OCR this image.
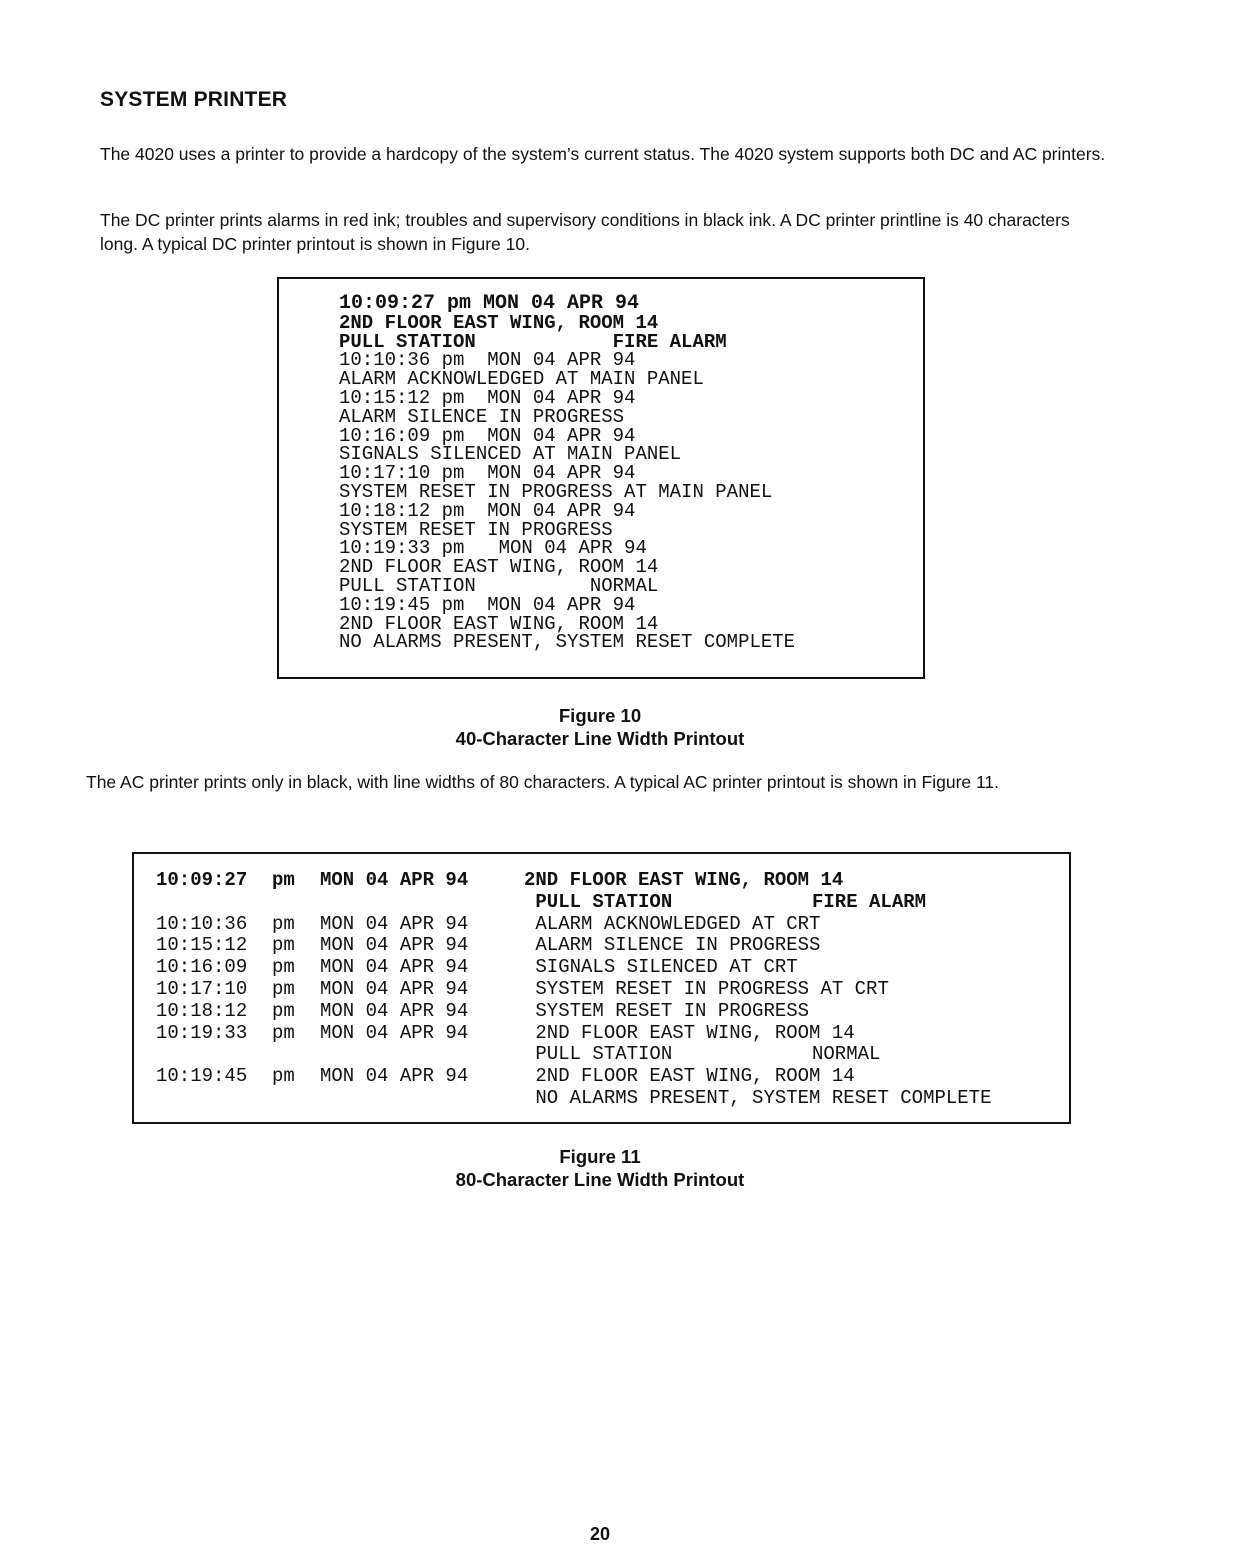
SYSTEM PRINTER

The 4020 uses a printer to provide a hardcopy of the system’s current status. The 4020 system supports both DC and AC printers.

The DC printer prints alarms in red ink; troubles and supervisory conditions in black ink. A DC printer printline is 40 characters long. A typical DC printer printout is shown in Figure 10.

10:09:27 pm MON 04 APR 94
2ND FLOOR EAST WING, ROOM 14
PULL STATION            FIRE ALARM
10:10:36 pm  MON 04 APR 94
ALARM ACKNOWLEDGED AT MAIN PANEL
10:15:12 pm  MON 04 APR 94
ALARM SILENCE IN PROGRESS
10:16:09 pm  MON 04 APR 94
SIGNALS SILENCED AT MAIN PANEL
10:17:10 pm  MON 04 APR 94
SYSTEM RESET IN PROGRESS AT MAIN PANEL
10:18:12 pm  MON 04 APR 94
SYSTEM RESET IN PROGRESS
10:19:33 pm   MON 04 APR 94
2ND FLOOR EAST WING, ROOM 14
PULL STATION          NORMAL
10:19:45 pm  MON 04 APR 94
2ND FLOOR EAST WING, ROOM 14
NO ALARMS PRESENT, SYSTEM RESET COMPLETE
Figure 10
40-Character Line Width Printout

The AC printer prints only in black, with line widths of 80 characters. A typical AC printer printout is shown in Figure 11.

10:09:27 pm MON 04 APR 94	2ND FLOOR EAST WING, ROOM 14
PULL STATION	FIRE ALARM
10:10:36 pm MON 04 APR 94	ALARM ACKNOWLEDGED AT CRT
10:15:12 pm MON 04 APR 94	ALARM SILENCE IN PROGRESS
10:16:09 pm MON 04 APR 94	SIGNALS SILENCED AT CRT
10:17:10 pm MON 04 APR 94	SYSTEM RESET IN PROGRESS AT CRT
10:18:12 pm MON 04 APR 94	SYSTEM RESET IN PROGRESS
10:19:33 pm MON 04 APR 94	2ND FLOOR EAST WING, ROOM 14
PULL STATION	NORMAL
10:19:45 pm MON 04 APR 94	2ND FLOOR EAST WING, ROOM 14
NO ALARMS PRESENT, SYSTEM RESET COMPLETE
Figure 11
80-Character Line Width Printout
20
